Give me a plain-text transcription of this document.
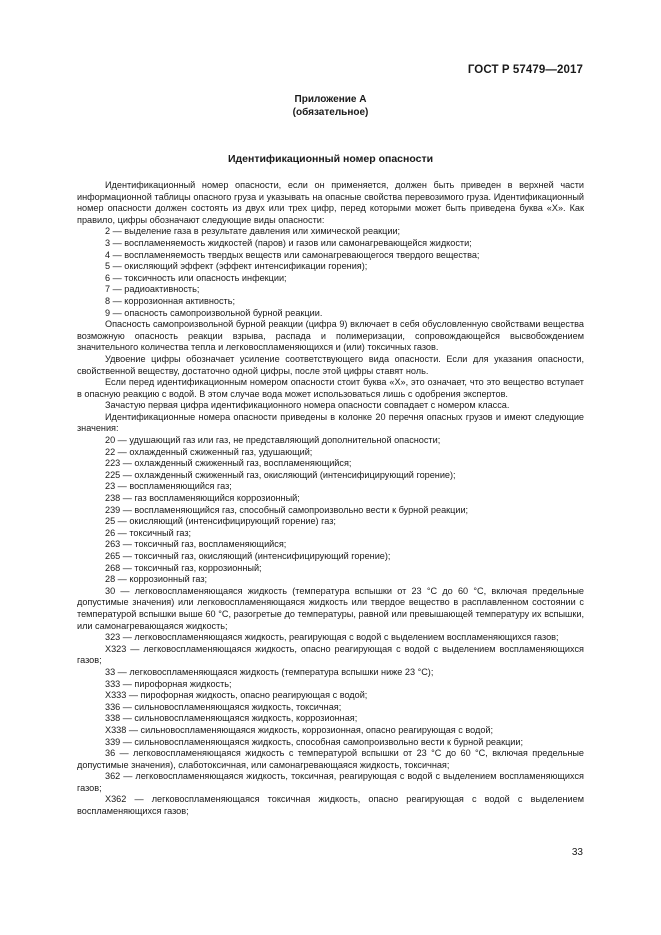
ГОСТ Р 57479—2017
Приложение А
(обязательное)
Идентификационный номер опасности

Идентификационный номер опасности, если он применяется, должен быть приведен в верхней части информационной таблицы опасного груза и указывать на опасные свойства перевозимого груза. Идентификационный номер опасности должен состоять из двух или трех цифр, перед которыми может быть приведена буква «X». Как правило, цифры обозначают следующие виды опасности:

2 — выделение газа в результате давления или химической реакции;

3 — воспламеняемость жидкостей (паров) и газов или самонагревающейся жидкости;

4 — воспламеняемость твердых веществ или самонагревающегося твердого вещества;

5 — окисляющий эффект (эффект интенсификации горения);

6 — токсичность или опасность инфекции;

7 — радиоактивность;

8 — коррозионная активность;

9 — опасность самопроизвольной бурной реакции.

Опасность самопроизвольной бурной реакции (цифра 9) включает в себя обусловленную свойствами вещества возможную опасность реакции взрыва, распада и полимеризации, сопровождающейся высвобождением значительного количества тепла и легковоспламеняющихся и (или) токсичных газов.

Удвоение цифры обозначает усиление соответствующего вида опасности. Если для указания опасности, свойственной веществу, достаточно одной цифры, после этой цифры ставят ноль.

Если перед идентификационным номером опасности стоит буква «X», это означает, что это вещество вступает в опасную реакцию с водой. В этом случае вода может использоваться лишь с одобрения экспертов.

Зачастую первая цифра идентификационного номера опасности совпадает с номером класса.

Идентификационные номера опасности приведены в колонке 20 перечня опасных грузов и имеют следующие значения:

20 — удушающий газ или газ, не представляющий дополнительной опасности;

22 — охлажденный сжиженный газ, удушающий;

223 — охлажденный сжиженный газ, воспламеняющийся;

225 — охлажденный сжиженный газ, окисляющий (интенсифицирующий горение);

23 — воспламеняющийся газ;

238 — газ воспламеняющийся коррозионный;

239 — воспламеняющийся газ, способный самопроизвольно вести к бурной реакции;

25 — окисляющий (интенсифицирующий горение) газ;

26 — токсичный газ;

263 — токсичный газ, воспламеняющийся;

265 — токсичный газ, окисляющий (интенсифицирующий горение);

268 — токсичный газ, коррозионный;

28 — коррозионный газ;

30 — легковоспламеняющаяся жидкость (температура вспышки от 23 °С до 60 °С, включая предельные допустимые значения) или легковоспламеняющаяся жидкость или твердое вещество в расплавленном состоянии с температурой вспышки выше 60 °С, разогретые до температуры, равной или превышающей температуру их вспышки, или самонагревающаяся жидкость;

323 — легковоспламеняющаяся жидкость, реагирующая с водой с выделением воспламеняющихся газов;

Х323 — легковоспламеняющаяся жидкость, опасно реагирующая с водой с выделением воспламеняющихся газов;

33 — легковоспламеняющаяся жидкость (температура вспышки ниже 23 °С);

333 — пирофорная жидкость;

Х333 — пирофорная жидкость, опасно реагирующая с водой;

336 — сильновоспламеняющаяся жидкость, токсичная;

338 — сильновоспламеняющаяся жидкость, коррозионная;

Х338 — сильновоспламеняющаяся жидкость, коррозионная, опасно реагирующая с водой;

339 — сильновоспламеняющаяся жидкость, способная самопроизвольно вести к бурной реакции;

36 — легковоспламеняющаяся жидкость с температурой вспышки от 23 °С до 60 °С, включая предельные допустимые значения), слаботоксичная, или самонагревающаяся жидкость, токсичная;

362 — легковоспламеняющаяся жидкость, токсичная, реагирующая с водой с выделением воспламеняющихся газов;

Х362 — легковоспламеняющаяся токсичная жидкость, опасно реагирующая с водой с выделением воспламеняющихся газов;

33
